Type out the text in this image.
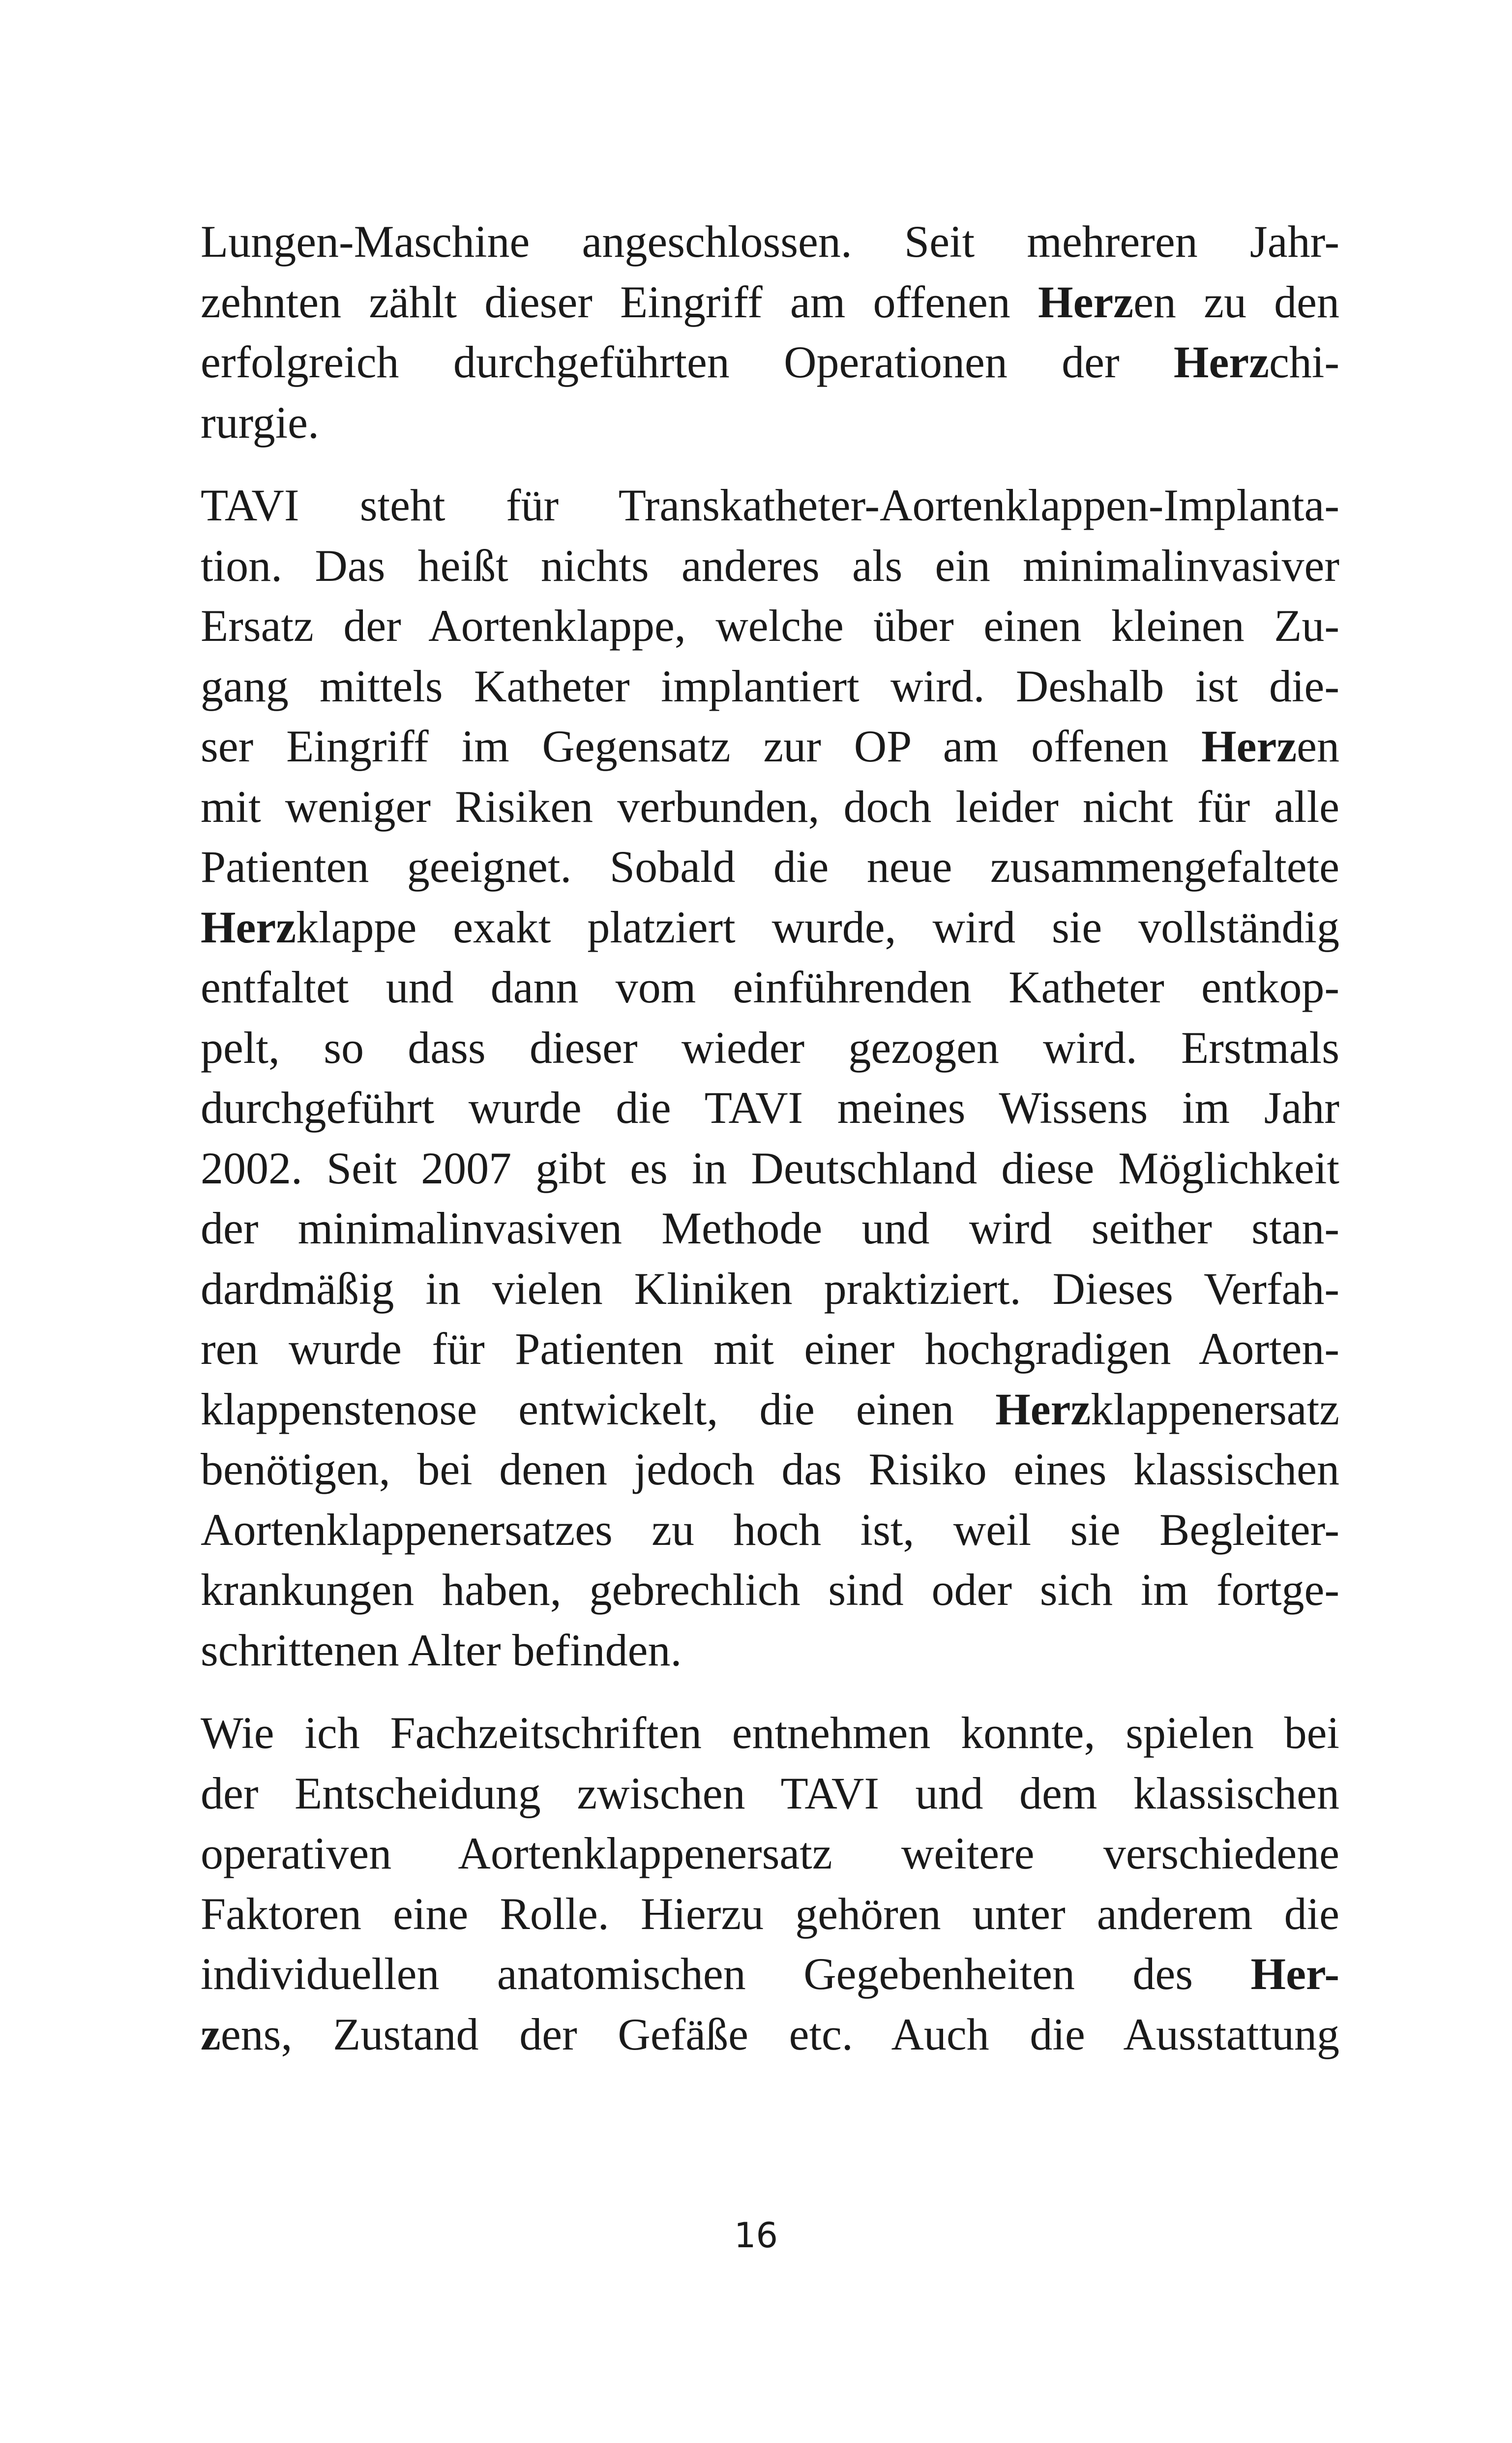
Lungen-Maschine angeschlossen. Seit mehreren Jahr-
zehnten zählt dieser Eingriff am offenen Herzen zu den
erfolgreich durchgeführten Operationen der Herzchi-
rurgie.
TAVI steht für Transkatheter-Aortenklappen-Implanta-
tion. Das heißt nichts anderes als ein minimalinvasiver
Ersatz der Aortenklappe, welche über einen kleinen Zu-
gang mittels Katheter implantiert wird. Deshalb ist die-
ser Eingriff im Gegensatz zur OP am offenen Herzen
mit weniger Risiken verbunden, doch leider nicht für alle
Patienten geeignet. Sobald die neue zusammengefaltete
Herzklappe exakt platziert wurde, wird sie vollständig
entfaltet und dann vom einführenden Katheter entkop-
pelt, so dass dieser wieder gezogen wird. Erstmals
durchgeführt wurde die TAVI meines Wissens im Jahr
2002. Seit 2007 gibt es in Deutschland diese Möglichkeit
der minimalinvasiven Methode und wird seither stan-
dardmäßig in vielen Kliniken praktiziert. Dieses Verfah-
ren wurde für Patienten mit einer hochgradigen Aorten-
klappenstenose entwickelt, die einen Herzklappenersatz
benötigen, bei denen jedoch das Risiko eines klassischen
Aortenklappenersatzes zu hoch ist, weil sie Begleiter-
krankungen haben, gebrechlich sind oder sich im fortge-
schrittenen Alter befinden.
Wie ich Fachzeitschriften entnehmen konnte, spielen bei
der Entscheidung zwischen TAVI und dem klassischen
operativen Aortenklappenersatz weitere verschiedene
Faktoren eine Rolle. Hierzu gehören unter anderem die
individuellen anatomischen Gegebenheiten des Her-
zens, Zustand der Gefäße etc. Auch die Ausstattung
16
